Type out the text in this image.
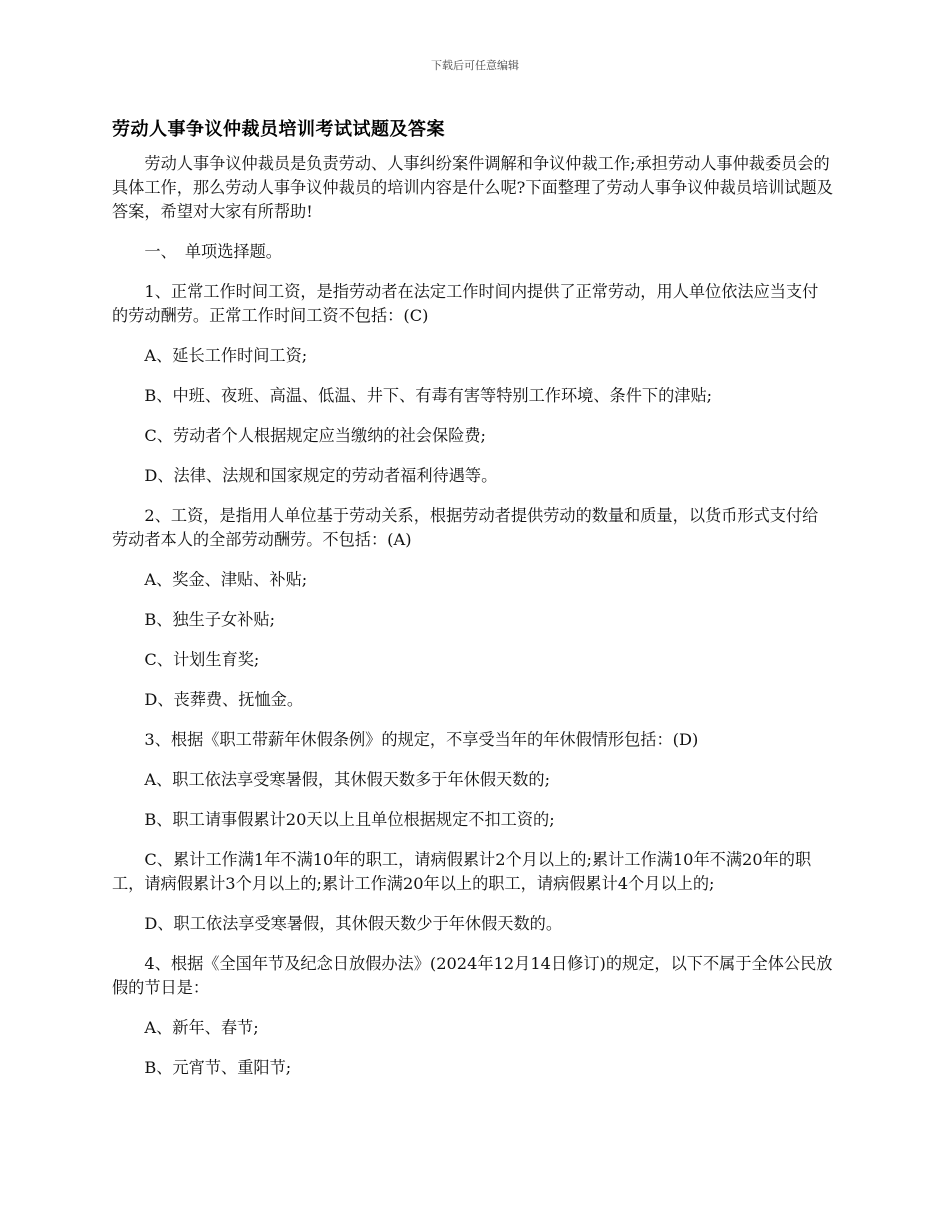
下载后可任意编辑
劳动人事争议仲裁员培训考试试题及答案

劳动人事争议仲裁员是负责劳动、人事纠纷案件调解和争议仲裁工作;承担劳动人事仲裁委员会的具体工作，那么劳动人事争议仲裁员的培训内容是什么呢?下面整理了劳动人事争议仲裁员培训试题及答案，希望对大家有所帮助!

一、　单项选择题。

1、正常工作时间工资，是指劳动者在法定工作时间内提供了正常劳动，用人单位依法应当支付的劳动酬劳。正常工作时间工资不包括：(C)

A、延长工作时间工资;

B、中班、夜班、高温、低温、井下、有毒有害等特别工作环境、条件下的津贴;

C、劳动者个人根据规定应当缴纳的社会保险费;

D、法律、法规和国家规定的劳动者福利待遇等。

2、工资，是指用人单位基于劳动关系，根据劳动者提供劳动的数量和质量，以货币形式支付给劳动者本人的全部劳动酬劳。不包括：(A)

A、奖金、津贴、补贴;

B、独生子女补贴;

C、计划生育奖;

D、丧葬费、抚恤金。

3、根据《职工带薪年休假条例》的规定，不享受当年的年休假情形包括：(D)

A、职工依法享受寒暑假，其休假天数多于年休假天数的;

B、职工请事假累计20天以上且单位根据规定不扣工资的;

C、累计工作满1年不满10年的职工，请病假累计2个月以上的;累计工作满10年不满20年的职工，请病假累计3个月以上的;累计工作满20年以上的职工，请病假累计4个月以上的;

D、职工依法享受寒暑假，其休假天数少于年休假天数的。

4、根据《全国年节及纪念日放假办法》(2024年12月14日修订)的规定，以下不属于全体公民放假的节日是：

A、新年、春节;

B、元宵节、重阳节;
